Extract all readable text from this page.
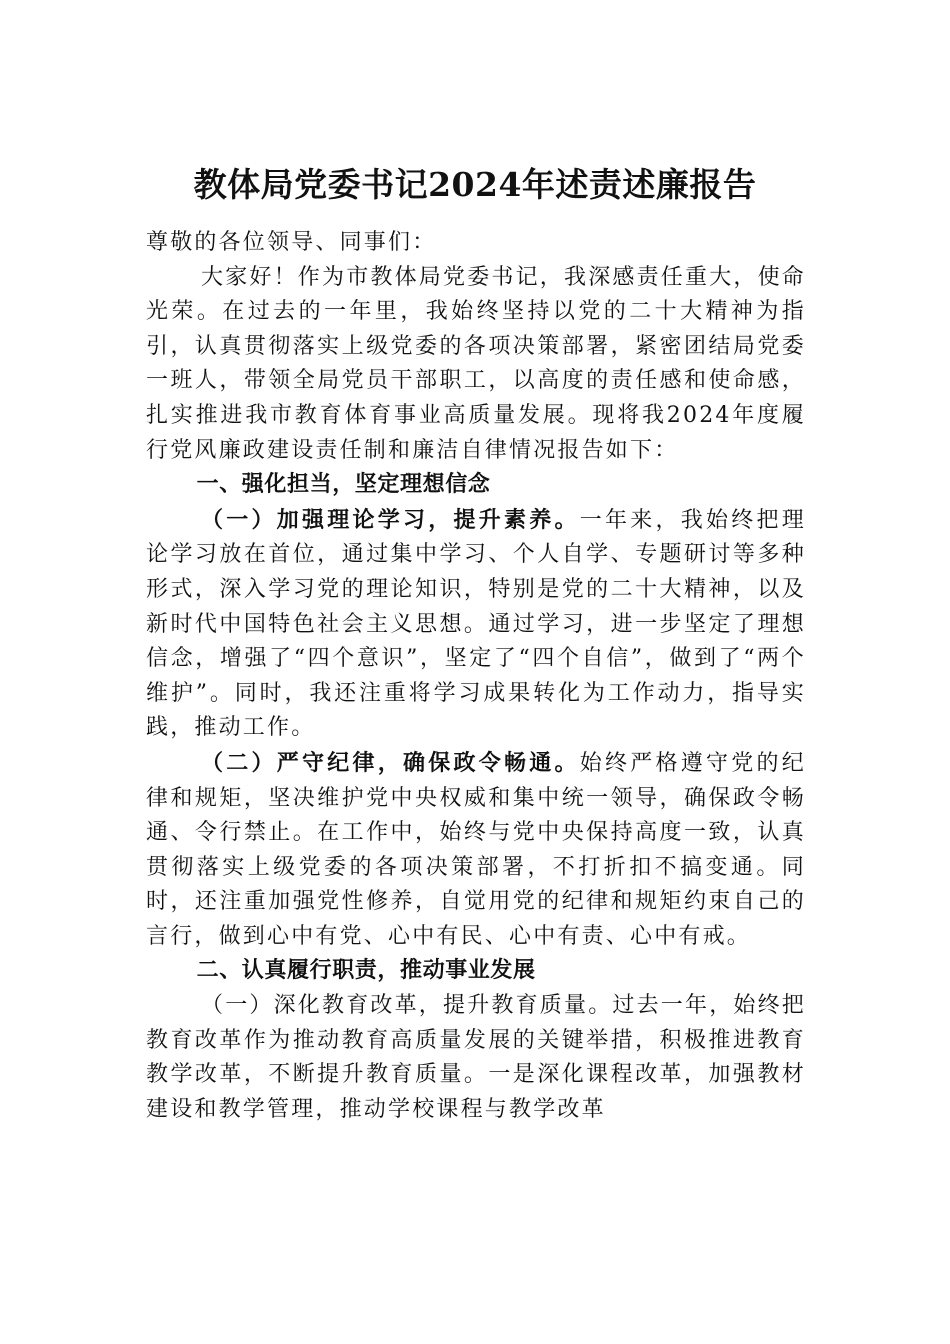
教体局党委书记2024年述责述廉报告

尊敬的各位领导、同事们：

大家好！作为市教体局党委书记，我深感责任重大，使命光荣。在过去的一年里，我始终坚持以党的二十大精神为指引，认真贯彻落实上级党委的各项决策部署，紧密团结局党委一班人，带领全局党员干部职工，以高度的责任感和使命感，扎实推进我市教育体育事业高质量发展。现将我2024年度履行党风廉政建设责任制和廉洁自律情况报告如下：

一、强化担当，坚定理想信念

（一）加强理论学习，提升素养。一年来，我始终把理论学习放在首位，通过集中学习、个人自学、专题研讨等多种形式，深入学习党的理论知识，特别是党的二十大精神，以及新时代中国特色社会主义思想。通过学习，进一步坚定了理想信念，增强了“四个意识”，坚定了“四个自信”，做到了“两个维护”。同时，我还注重将学习成果转化为工作动力，指导实践，推动工作。

（二）严守纪律，确保政令畅通。始终严格遵守党的纪律和规矩，坚决维护党中央权威和集中统一领导，确保政令畅通、令行禁止。在工作中，始终与党中央保持高度一致，认真贯彻落实上级党委的各项决策部署，不打折扣不搞变通。同时，还注重加强党性修养，自觉用党的纪律和规矩约束自己的言行，做到心中有党、心中有民、心中有责、心中有戒。

二、认真履行职责，推动事业发展

（一）深化教育改革，提升教育质量。过去一年，始终把教育改革作为推动教育高质量发展的关键举措，积极推进教育教学改革，不断提升教育质量。一是深化课程改革，加强教材建设和教学管理，推动学校课程与教学改革
